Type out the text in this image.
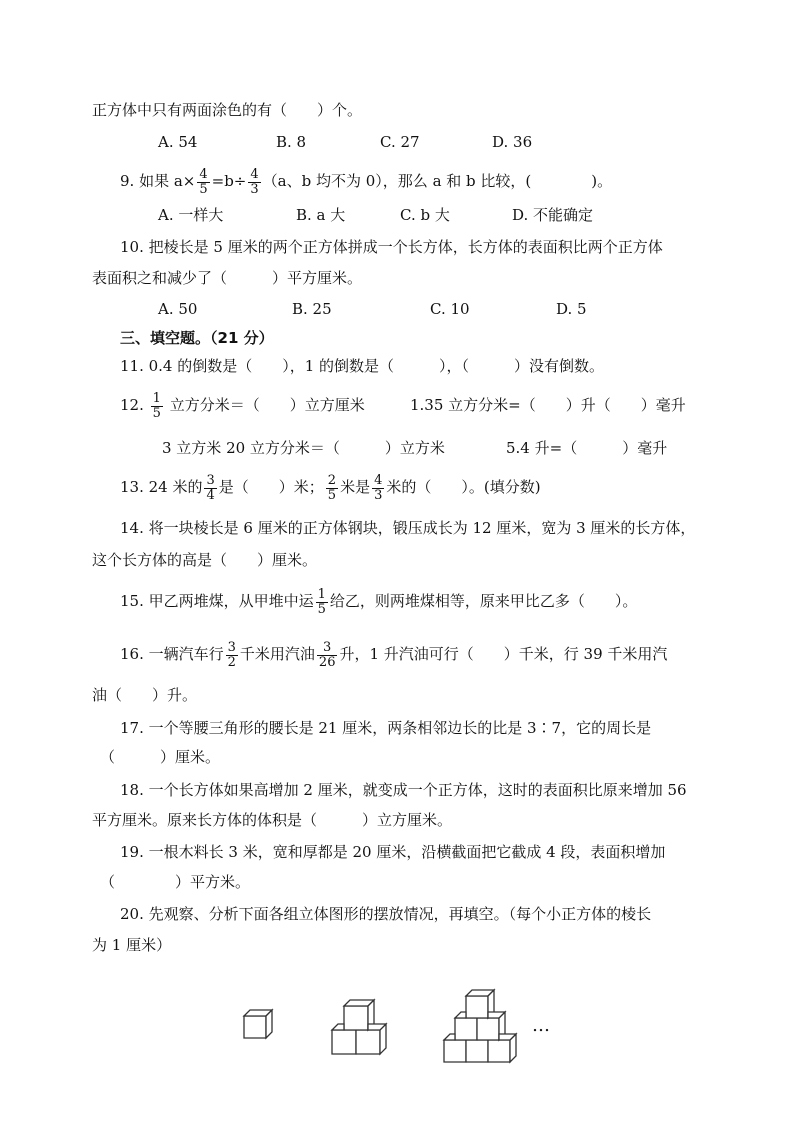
正方体中只有两面涂色的有（　　）个。
A. 54	B. 8	C. 27	D. 36
9. 如果 $a\times \frac{4}{5} =b\div \frac{4}{3} (a$、b 均不为 0），那么 a 和 b 比较，(　　　　)。
A. 一样大	B. a 大	C. b 大	D. 不能确定
10. 把棱长是 5 厘米的两个正方体拼成一个长方体，长方体的表面积比两个正方体
表面积之和减少了（　　　）平方厘米。
A. 50	B. 25	C. 10	D. 5
三、填空题。（21 分）
11. 0.4 的倒数是（　　），1 的倒数是（　　　），（　　　）没有倒数。
12. $\frac{1}{5}$ 立方分米＝（　　）立方厘米	1.35 立方分米=（　　）升（　　）毫升
3 立方米 20 立方分米＝（　　　）立方米	5.4 升=（　　　）毫升
13. 24 米的 $\frac{3}{4}$ 是（　　）米； $\frac{2}{5}$ 米是 $\frac{4}{3}$ 米的（　　）。(填分数)
14. 将一块棱长是 6 厘米的正方体钢块，锻压成长为 12 厘米，宽为 3 厘米的长方体，
这个长方体的高是（　　）厘米。
15. 甲乙两堆煤，从甲堆中运 $\frac{1}{5}$ 给乙，则两堆煤相等，原来甲比乙多（　　）。
16. 一辆汽车行 $\frac{3}{2}$ 千米用汽油 $\frac{3}{26}$ 升，1 升汽油可行（　　）千米，行 39 千米用汽
油（　　）升。
17. 一个等腰三角形的腰长是 21 厘米，两条相邻边长的比是 3∶7，它的周长是
（　　　）厘米。
18. 一个长方体如果高增加 2 厘米，就变成一个正方体，这时的表面积比原来增加 56
平方厘米。原来长方体的体积是（　　　）立方厘米。
19. 一根木料长 3 米，宽和厚都是 20 厘米，沿横截面把它截成 4 段，表面积增加
（　　　　）平方米。
20. 先观察、分析下面各组立体图形的摆放情况，再填空。（每个小正方体的棱长
为 1 厘米）
…
